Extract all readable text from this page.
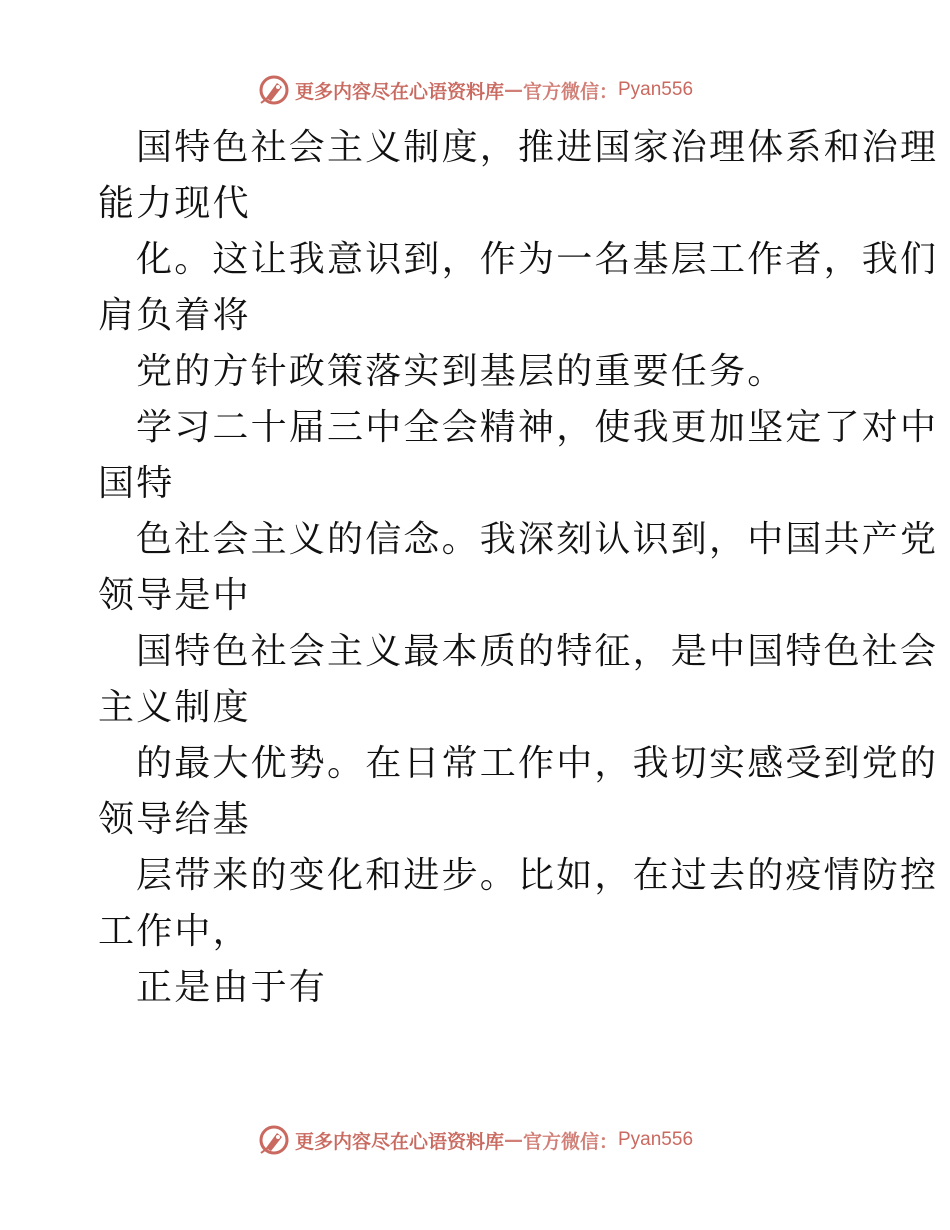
更多内容尽在心语资料库 — 官方微信： Pyan556
国特色社会主义制度，推进国家治理体系和治理
能力现代
化。这让我意识到，作为一名基层工作者，我们
肩负着将
党的方针政策落实到基层的重要任务。
学习二十届三中全会精神，使我更加坚定了对中
国特
色社会主义的信念。我深刻认识到，中国共产党
领导是中
国特色社会主义最本质的特征，是中国特色社会
主义制度
的最大优势。在日常工作中，我切实感受到党的
领导给基
层带来的变化和进步。比如，在过去的疫情防控
工作中，
正是由于有
更多内容尽在心语资料库 — 官方微信： Pyan556
